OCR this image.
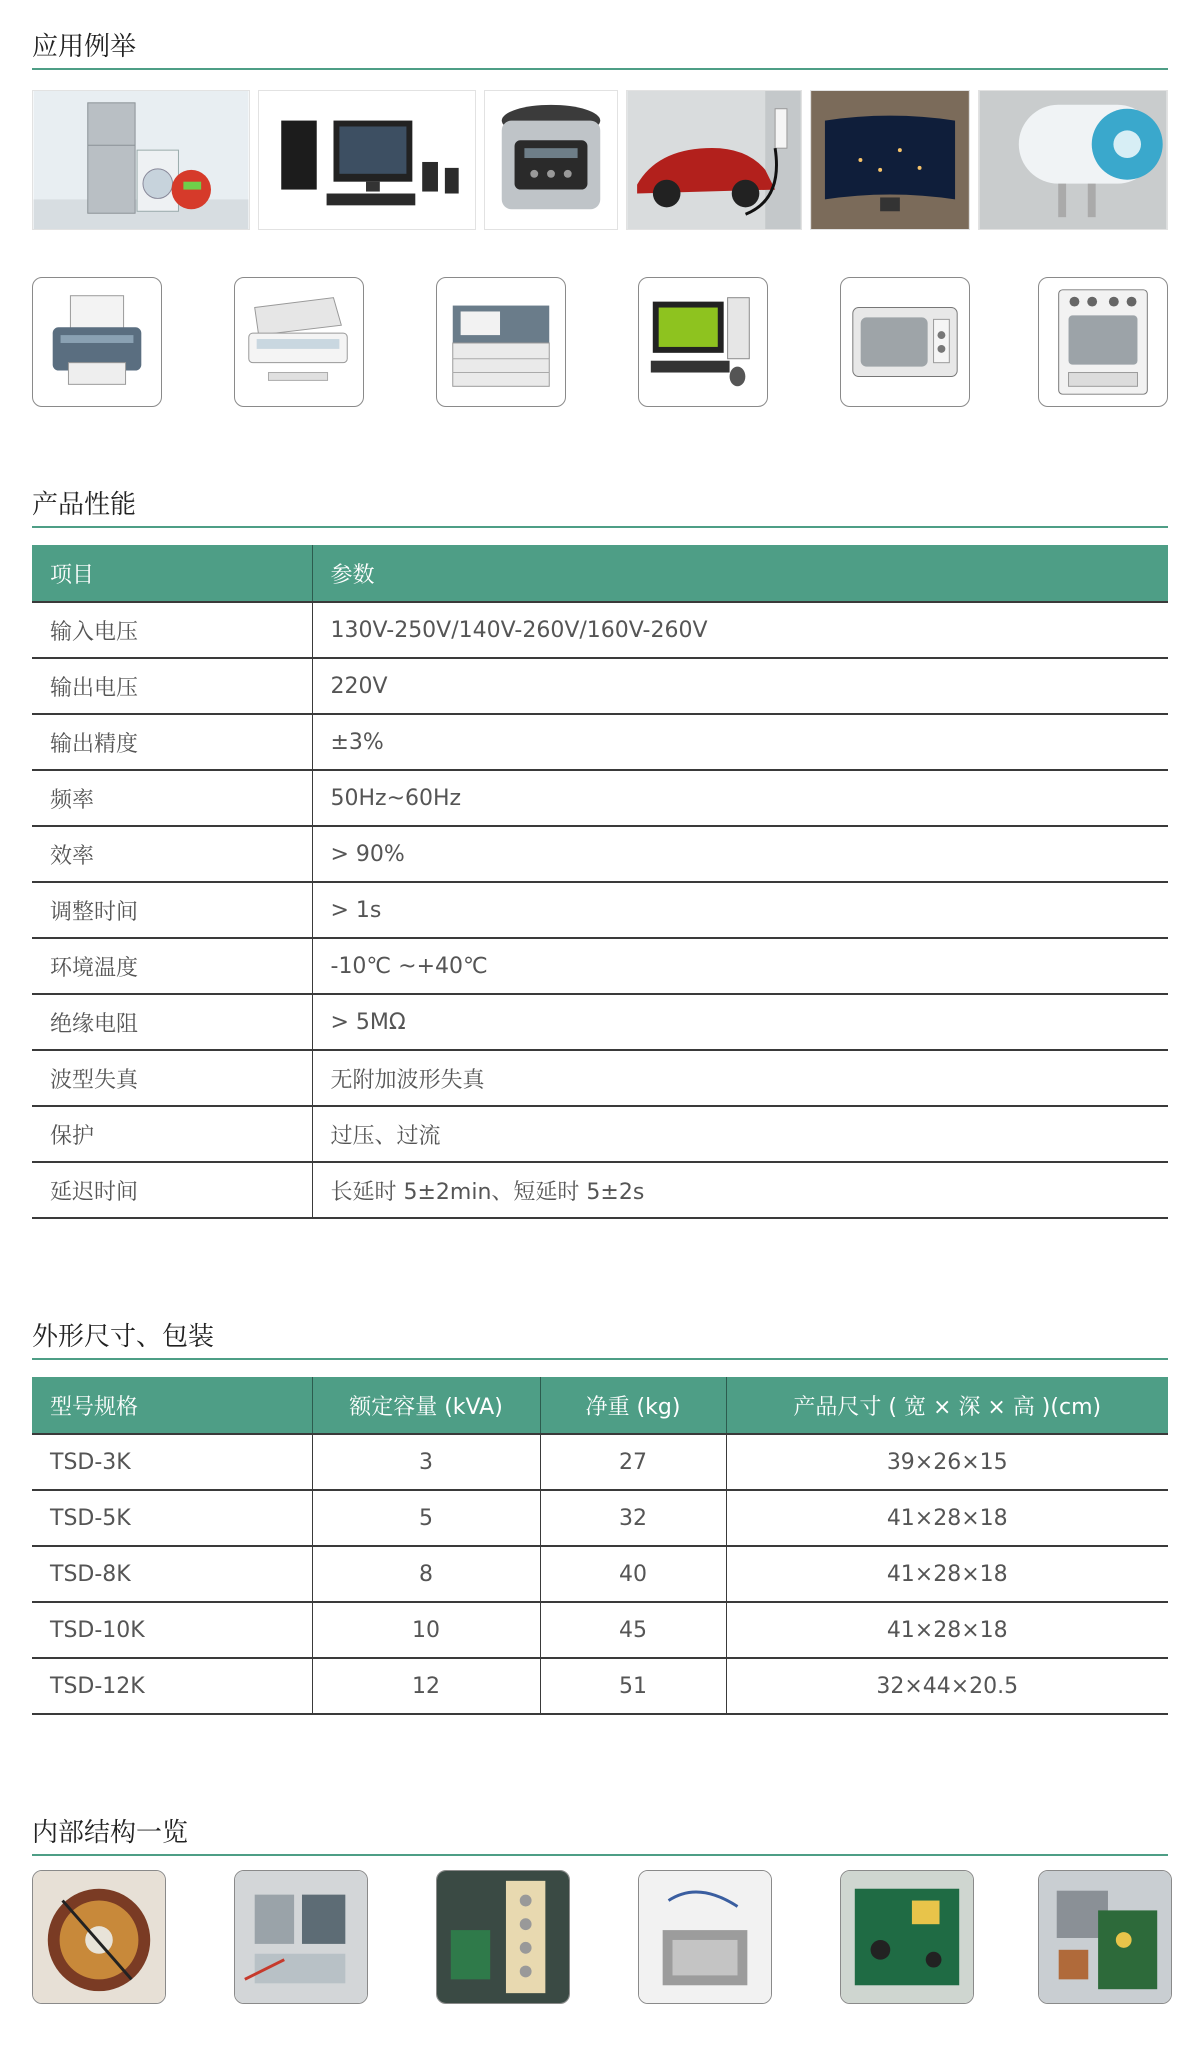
应用例举
产品性能
项目	参数
输入电压	130V-250V/140V-260V/160V-260V
输出电压	220V
输出精度	±3%
频率	50Hz~60Hz
效率	> 90%
调整时间	> 1s
环境温度	-10℃ ~+40℃
绝缘电阻	> 5MΩ
波型失真	无附加波形失真
保护	过压、过流
延迟时间	长延时 5±2min、短延时 5±2s
外形尺寸、包装
型号规格	额定容量 (kVA)	净重 (kg)	产品尺寸 ( 宽 × 深 × 高 )(cm)
TSD-3K	3	27	39×26×15
TSD-5K	5	32	41×28×18
TSD-8K	8	40	41×28×18
TSD-10K	10	45	41×28×18
TSD-12K	12	51	32×44×20.5
内部结构一览
